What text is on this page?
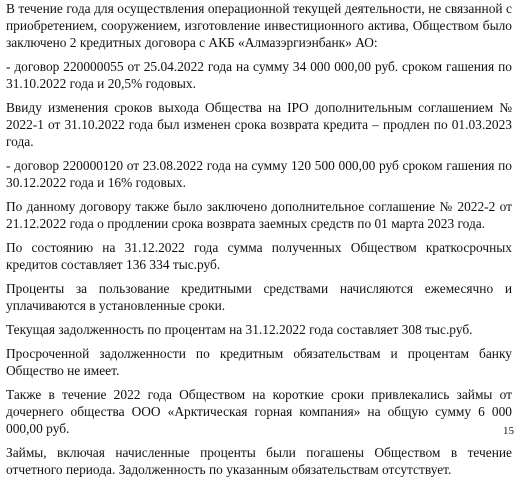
В течение года для осуществления операционной текущей деятельности, не связанной с приобретением, сооружением, изготовление инвестиционного актива, Обществом было заключено 2 кредитных договора с АКБ «Алмазэргиэнбанк» АО:

- договор 220000055 от 25.04.2022 года на сумму 34 000 000,00 руб. сроком гашения по 31.10.2022 года и 20,5% годовых.

Ввиду изменения сроков выхода Общества на IPO дополнительным соглашением № 2022-1 от 31.10.2022 года был изменен срока возврата кредита – продлен по 01.03.2023 года.

- договор 220000120 от 23.08.2022 года на сумму 120 500 000,00 руб сроком гашения по 30.12.2022 года и 16% годовых.

По данному договору также было заключено дополнительное соглашение № 2022-2 от 21.12.2022 года о продлении срока возврата заемных средств по 01 марта 2023 года.

По состоянию на 31.12.2022 года сумма полученных Обществом краткосрочных кредитов составляет 136 334 тыс.руб.

Проценты за пользование кредитными средствами начисляются ежемесячно и уплачиваются в установленные сроки.

Текущая задолженность по процентам на 31.12.2022 года составляет 308 тыс.руб.

Просроченной задолженности по кредитным обязательствам и процентам банку Общество не имеет.

Также в течение 2022 года Обществом на короткие сроки привлекались займы от дочернего общества ООО «Арктическая горная компания» на общую сумму 6 000 000,00 руб.

Займы, включая начисленные проценты были погашены Обществом в течение отчетного периода. Задолженность по указанным обязательствам отсутствует.

15
